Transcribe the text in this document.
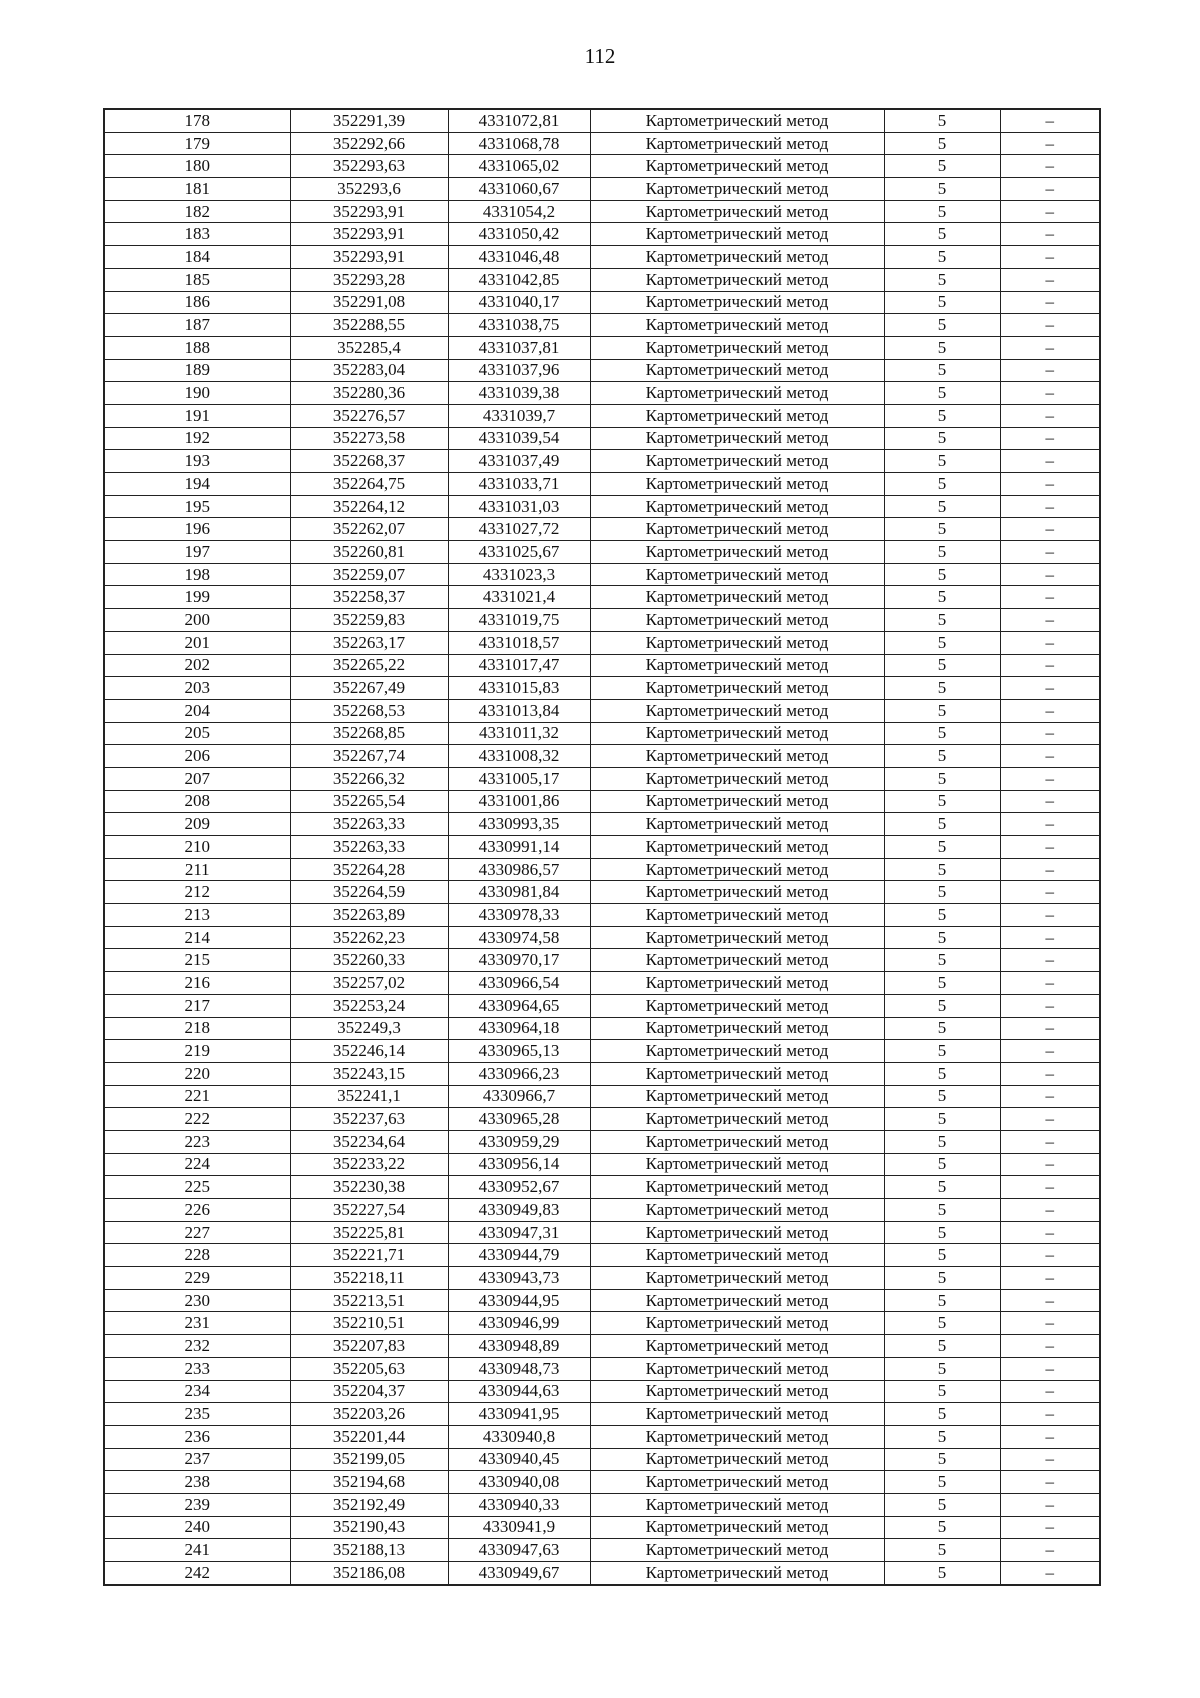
112
178	352291,39	4331072,81	Картометрический метод	5	–
179	352292,66	4331068,78	Картометрический метод	5	–
180	352293,63	4331065,02	Картометрический метод	5	–
181	352293,6	4331060,67	Картометрический метод	5	–
182	352293,91	4331054,2	Картометрический метод	5	–
183	352293,91	4331050,42	Картометрический метод	5	–
184	352293,91	4331046,48	Картометрический метод	5	–
185	352293,28	4331042,85	Картометрический метод	5	–
186	352291,08	4331040,17	Картометрический метод	5	–
187	352288,55	4331038,75	Картометрический метод	5	–
188	352285,4	4331037,81	Картометрический метод	5	–
189	352283,04	4331037,96	Картометрический метод	5	–
190	352280,36	4331039,38	Картометрический метод	5	–
191	352276,57	4331039,7	Картометрический метод	5	–
192	352273,58	4331039,54	Картометрический метод	5	–
193	352268,37	4331037,49	Картометрический метод	5	–
194	352264,75	4331033,71	Картометрический метод	5	–
195	352264,12	4331031,03	Картометрический метод	5	–
196	352262,07	4331027,72	Картометрический метод	5	–
197	352260,81	4331025,67	Картометрический метод	5	–
198	352259,07	4331023,3	Картометрический метод	5	–
199	352258,37	4331021,4	Картометрический метод	5	–
200	352259,83	4331019,75	Картометрический метод	5	–
201	352263,17	4331018,57	Картометрический метод	5	–
202	352265,22	4331017,47	Картометрический метод	5	–
203	352267,49	4331015,83	Картометрический метод	5	–
204	352268,53	4331013,84	Картометрический метод	5	–
205	352268,85	4331011,32	Картометрический метод	5	–
206	352267,74	4331008,32	Картометрический метод	5	–
207	352266,32	4331005,17	Картометрический метод	5	–
208	352265,54	4331001,86	Картометрический метод	5	–
209	352263,33	4330993,35	Картометрический метод	5	–
210	352263,33	4330991,14	Картометрический метод	5	–
211	352264,28	4330986,57	Картометрический метод	5	–
212	352264,59	4330981,84	Картометрический метод	5	–
213	352263,89	4330978,33	Картометрический метод	5	–
214	352262,23	4330974,58	Картометрический метод	5	–
215	352260,33	4330970,17	Картометрический метод	5	–
216	352257,02	4330966,54	Картометрический метод	5	–
217	352253,24	4330964,65	Картометрический метод	5	–
218	352249,3	4330964,18	Картометрический метод	5	–
219	352246,14	4330965,13	Картометрический метод	5	–
220	352243,15	4330966,23	Картометрический метод	5	–
221	352241,1	4330966,7	Картометрический метод	5	–
222	352237,63	4330965,28	Картометрический метод	5	–
223	352234,64	4330959,29	Картометрический метод	5	–
224	352233,22	4330956,14	Картометрический метод	5	–
225	352230,38	4330952,67	Картометрический метод	5	–
226	352227,54	4330949,83	Картометрический метод	5	–
227	352225,81	4330947,31	Картометрический метод	5	–
228	352221,71	4330944,79	Картометрический метод	5	–
229	352218,11	4330943,73	Картометрический метод	5	–
230	352213,51	4330944,95	Картометрический метод	5	–
231	352210,51	4330946,99	Картометрический метод	5	–
232	352207,83	4330948,89	Картометрический метод	5	–
233	352205,63	4330948,73	Картометрический метод	5	–
234	352204,37	4330944,63	Картометрический метод	5	–
235	352203,26	4330941,95	Картометрический метод	5	–
236	352201,44	4330940,8	Картометрический метод	5	–
237	352199,05	4330940,45	Картометрический метод	5	–
238	352194,68	4330940,08	Картометрический метод	5	–
239	352192,49	4330940,33	Картометрический метод	5	–
240	352190,43	4330941,9	Картометрический метод	5	–
241	352188,13	4330947,63	Картометрический метод	5	–
242	352186,08	4330949,67	Картометрический метод	5	–
